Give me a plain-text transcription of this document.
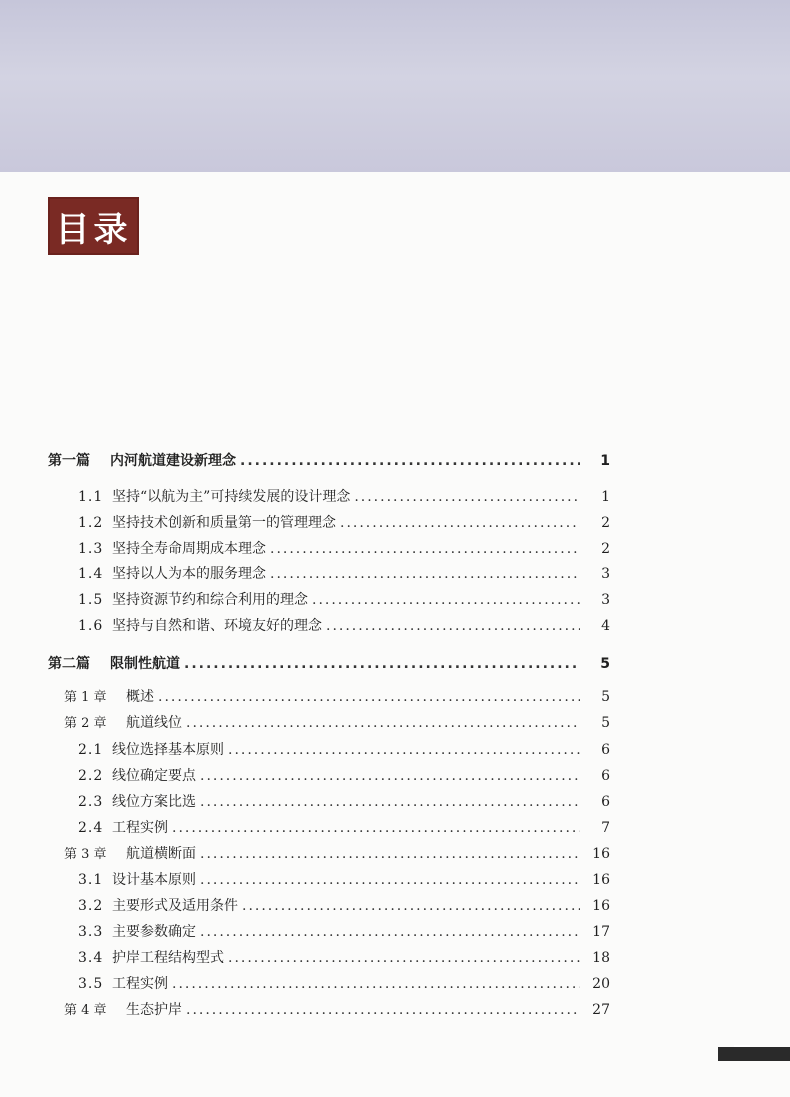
目录
第一篇	内河航道建设新理念 .....	1
1.1 坚持“以航为主”可持续发展的设计理念 .....	1
1.2 坚持技术创新和质量第一的管理理念 .....	2
1.3 坚持全寿命周期成本理念 .....	2
1.4 坚持以人为本的服务理念 .....	3
1.5 坚持资源节约和综合利用的理念 .....	3
1.6 坚持与自然和谐、环境友好的理念 .....	4
第二篇	限制性航道 .....	5
第 1 章	概述 .....	5
第 2 章	航道线位 .....	5
2.1 线位选择基本原则 .....	6
2.2 线位确定要点 .....	6
2.3 线位方案比选 .....	6
2.4 工程实例 .....	7
第 3 章	航道横断面 .....	16
3.1 设计基本原则 .....	16
3.2 主要形式及适用条件 .....	16
3.3 主要参数确定 .....	17
3.4 护岸工程结构型式 .....	18
3.5 工程实例 .....	20
第 4 章	生态护岸 .....	27
